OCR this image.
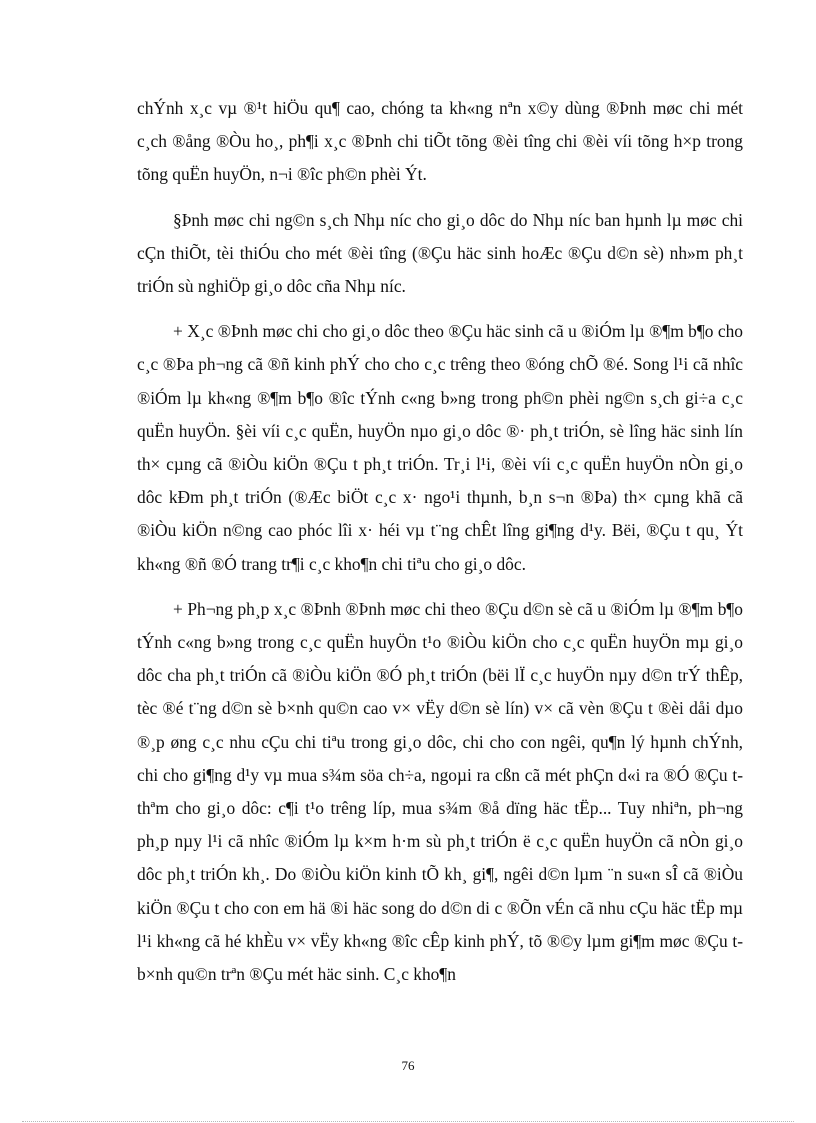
chÝnh x¸c vµ ®¹t hiÖu qu¶ cao, chóng ta kh«ng nªn x©y dùng ®Þnh møc chi mét c¸ch ®ång ®Òu ho¸, ph¶i x¸c ®Þnh chi tiÕt tõng ®èi tîng chi ®èi víi tõng h×p trong tõng quËn huyÖn, n¬i ®îc ph©n phèi Ýt.

§Þnh møc chi ng©n s¸ch Nhµ níc cho gi¸o dôc do Nhµ níc ban hµnh lµ møc chi cÇn thiÕt, tèi thiÓu cho mét ®èi tîng (®Çu häc sinh hoÆc ®Çu d©n sè) nh»m ph¸t triÓn sù nghiÖp gi¸o dôc cña Nhµ níc.

+ X¸c ®Þnh møc chi cho gi¸o dôc theo ®Çu häc sinh cã u ®iÓm lµ ®¶m b¶o cho c¸c ®Þa ph¬ng cã ®ñ kinh phÝ cho cho c¸c trêng theo ®óng chÕ ®é. Song l¹i cã nhîc ®iÓm lµ kh«ng ®¶m b¶o ®îc tÝnh c«ng b»ng trong ph©n phèi ng©n s¸ch gi÷a c¸c quËn huyÖn. §èi víi c¸c quËn, huyÖn nµo gi¸o dôc ®· ph¸t triÓn, sè lîng häc sinh lín th× cµng cã ®iÒu kiÖn ®Çu t ph¸t triÓn. Tr¸i l¹i, ®èi víi c¸c quËn huyÖn nÒn gi¸o dôc kÐm ph¸t triÓn (®Æc biÖt c¸c x· ngo¹i thµnh, b¸n s¬n ®Þa) th× cµng khã cã ®iÒu kiÖn n©ng cao phóc lîi x· héi vµ t¨ng chÊt lîng gi¶ng d¹y. Bëi, ®Çu t qu¸ Ýt kh«ng ®ñ ®Ó trang tr¶i c¸c kho¶n chi tiªu cho gi¸o dôc.

+ Ph¬ng ph¸p x¸c ®Þnh ®Þnh møc chi theo ®Çu d©n sè cã u ®iÓm lµ ®¶m b¶o tÝnh c«ng b»ng trong c¸c quËn huyÖn t¹o ®iÒu kiÖn cho c¸c quËn huyÖn mµ gi¸o dôc cha ph¸t triÓn cã ®iÒu kiÖn ®Ó ph¸t triÓn (bëi lÏ c¸c huyÖn nµy d©n trÝ thÊp, tèc ®é t¨ng d©n sè b×nh qu©n cao v× vËy d©n sè lín) v× cã vèn ®Çu t ®èi dåi dµo ®¸p øng c¸c nhu cÇu chi tiªu trong gi¸o dôc, chi cho con ngêi, qu¶n lý hµnh chÝnh, chi cho gi¶ng d¹y vµ mua s¾m söa ch÷a, ngoµi ra cßn cã mét phÇn d«i ra ®Ó ®Çu t thªm cho gi¸o dôc: c¶i t¹o trêng líp, mua s¾m ®å dïng häc tËp... Tuy nhiªn, ph¬ng ph¸p nµy l¹i cã nhîc ®iÓm lµ k×m h·m sù ph¸t triÓn ë c¸c quËn huyÖn cã nÒn gi¸o dôc ph¸t triÓn kh¸. Do ®iÒu kiÖn kinh tÕ kh¸ gi¶, ngêi d©n lµm ¨n su«n sÎ cã ®iÒu kiÖn ®Çu t cho con em hä ®i häc song do d©n di c ®Õn vÉn cã nhu cÇu häc tËp mµ l¹i kh«ng cã hé khÈu v× vËy kh«ng ®îc cÊp kinh phÝ, tõ ®©y lµm gi¶m møc ®Çu t b×nh qu©n trªn ®Çu mét häc sinh. C¸c kho¶n

76
